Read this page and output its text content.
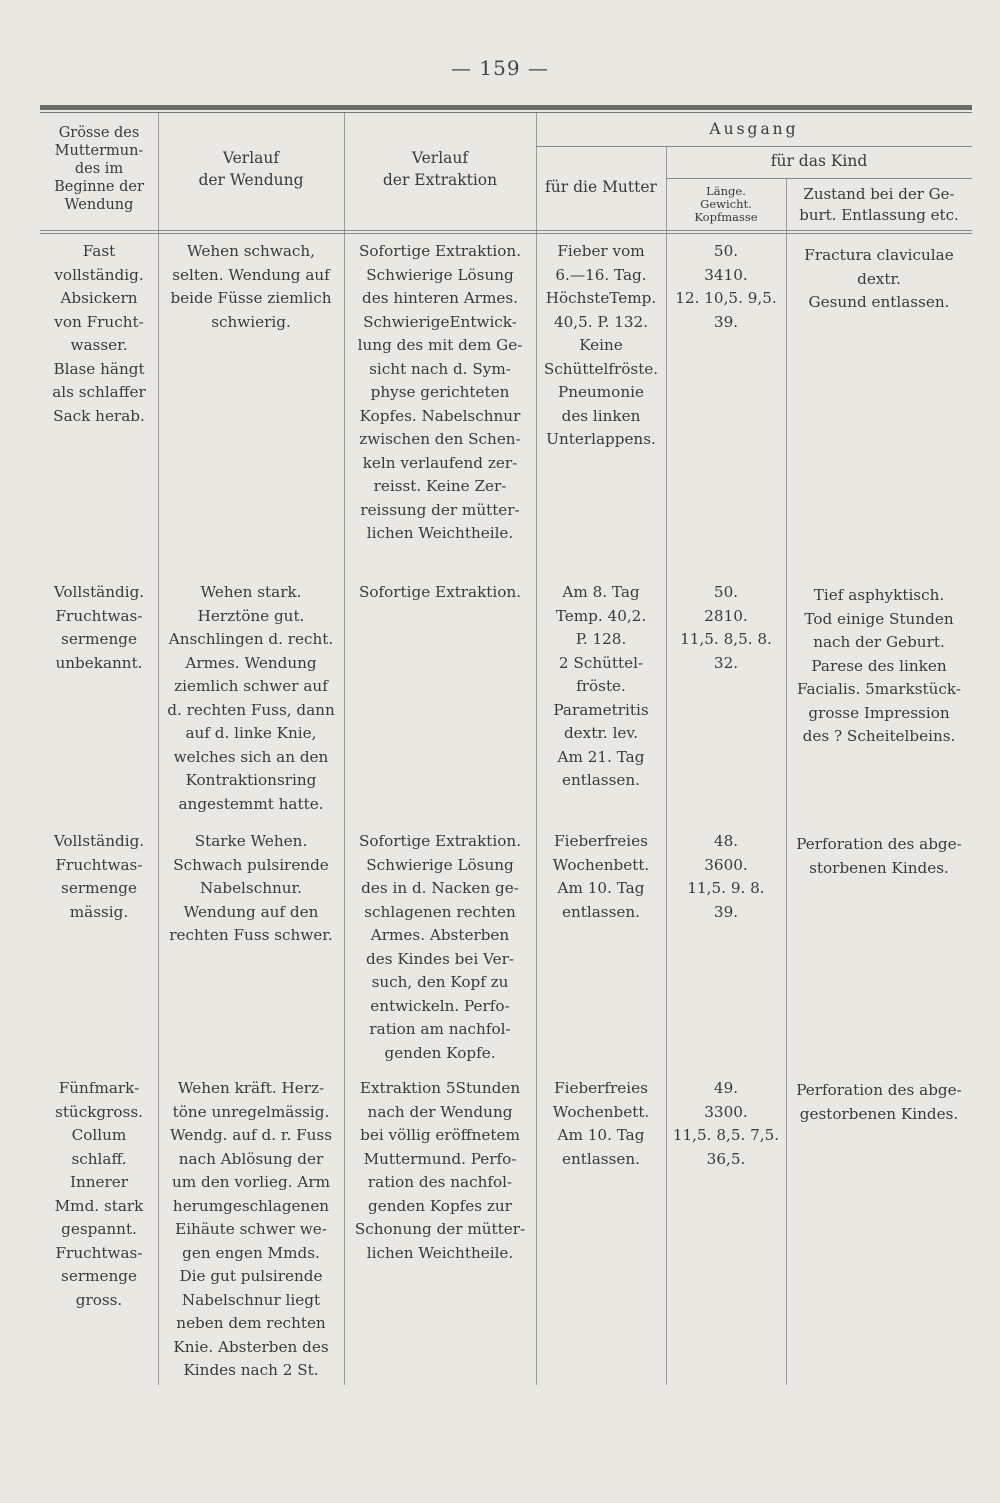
— 159 —
Grösse des
Muttermun-
des im
Beginne der
Wendung
Verlauf
der Wendung
Verlauf
der Extraktion
Ausgang
für das Kind
für die Mutter	Länge.
Gewicht.
Kopfmasse
Zustand bei der Ge-
burt. Entlassung etc.
Fast
vollständig.
Absickern
von Frucht-
wasser.
Blase hängt
als schlaffer
Sack herab.
Wehen schwach,
selten. Wendung auf
beide Füsse ziemlich
schwierig.
Sofortige Extraktion.
Schwierige Lösung
des hinteren Armes.
SchwierigeEntwick-
lung des mit dem Ge-
sicht nach d. Sym-
physe gerichteten
Kopfes. Nabelschnur
zwischen den Schen-
keln verlaufend zer-
reisst. Keine Zer-
reissung der mütter-
lichen Weichtheile.
Fieber vom
6.—16. Tag.
HöchsteTemp.
40,5. P. 132.
Keine
Schüttelfröste.
Pneumonie
des linken
Unterlappens.
50.
3410.
12. 10,5. 9,5.
39.
Fractura claviculae
dextr.
Gesund entlassen.
Vollständig.
Fruchtwas-
sermenge
unbekannt.
Wehen stark.
Herztöne gut.
Anschlingen d. recht.
Armes. Wendung
ziemlich schwer auf
d. rechten Fuss, dann
auf d. linke Knie,
welches sich an den
Kontraktionsring
angestemmt hatte.
Sofortige Extraktion.	Am 8. Tag
Temp. 40,2.
P. 128.
2 Schüttel-
fröste.
Parametritis
dextr. lev.
Am 21. Tag
entlassen.
50.
2810.
11,5. 8,5. 8.
32.
Tief asphyktisch.
Tod einige Stunden
nach der Geburt.
Parese des linken
Facialis. 5markstück-
grosse Impression
des ? Scheitelbeins.
Vollständig.
Fruchtwas-
sermenge
mässig.
Starke Wehen.
Schwach pulsirende
Nabelschnur.
Wendung auf den
rechten Fuss schwer.
Sofortige Extraktion.
Schwierige Lösung
des in d. Nacken ge-
schlagenen rechten
Armes. Absterben
des Kindes bei Ver-
such, den Kopf zu
entwickeln. Perfo-
ration am nachfol-
genden Kopfe.
Fieberfreies
Wochenbett.
Am 10. Tag
entlassen.
48.
3600.
11,5. 9. 8.
39.
Perforation des abge-
storbenen Kindes.
Fünfmark-
stückgross.
Collum
schlaff.
Innerer
Mmd. stark
gespannt.
Fruchtwas-
sermenge
gross.
Wehen kräft. Herz-
töne unregelmässig.
Wendg. auf d. r. Fuss
nach Ablösung der
um den vorlieg. Arm
herumgeschlagenen
Eihäute schwer we-
gen engen Mmds.
Die gut pulsirende
Nabelschnur liegt
neben dem rechten
Knie. Absterben des
Kindes nach 2 St.
Extraktion 5Stunden
nach der Wendung
bei völlig eröffnetem
Muttermund. Perfo-
ration des nachfol-
genden Kopfes zur
Schonung der mütter-
lichen Weichtheile.
Fieberfreies
Wochenbett.
Am 10. Tag
entlassen.
49.
3300.
11,5. 8,5. 7,5.
36,5.
Perforation des abge-
gestorbenen Kindes.
